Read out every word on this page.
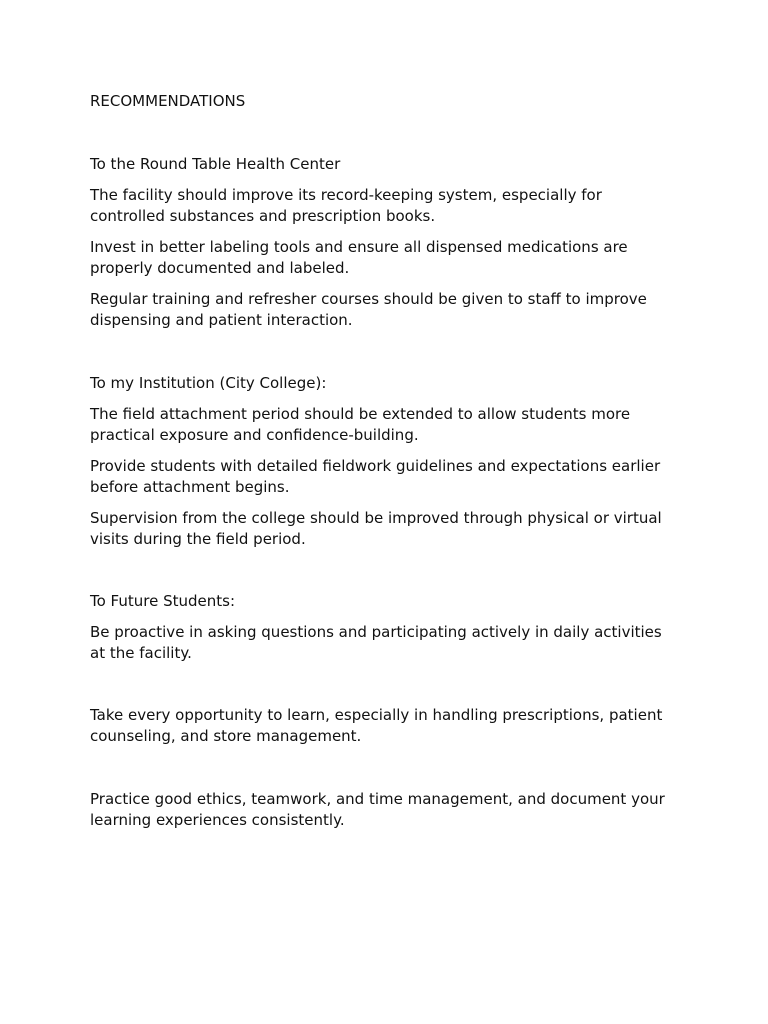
RECOMMENDATIONS

To the Round Table Health Center

The facility should improve its record-keeping system, especially for controlled substances and prescription books.

Invest in better labeling tools and ensure all dispensed medications are properly documented and labeled.

Regular training and refresher courses should be given to staff to improve dispensing and patient interaction.

To my Institution (City College):

The field attachment period should be extended to allow students more practical exposure and confidence-building.

Provide students with detailed fieldwork guidelines and expectations earlier before attachment begins.

Supervision from the college should be improved through physical or virtual visits during the field period.

To Future Students:

Be proactive in asking questions and participating actively in daily activities at the facility.

Take every opportunity to learn, especially in handling prescriptions, patient counseling, and store management.

Practice good ethics, teamwork, and time management, and document your learning experiences consistently.
